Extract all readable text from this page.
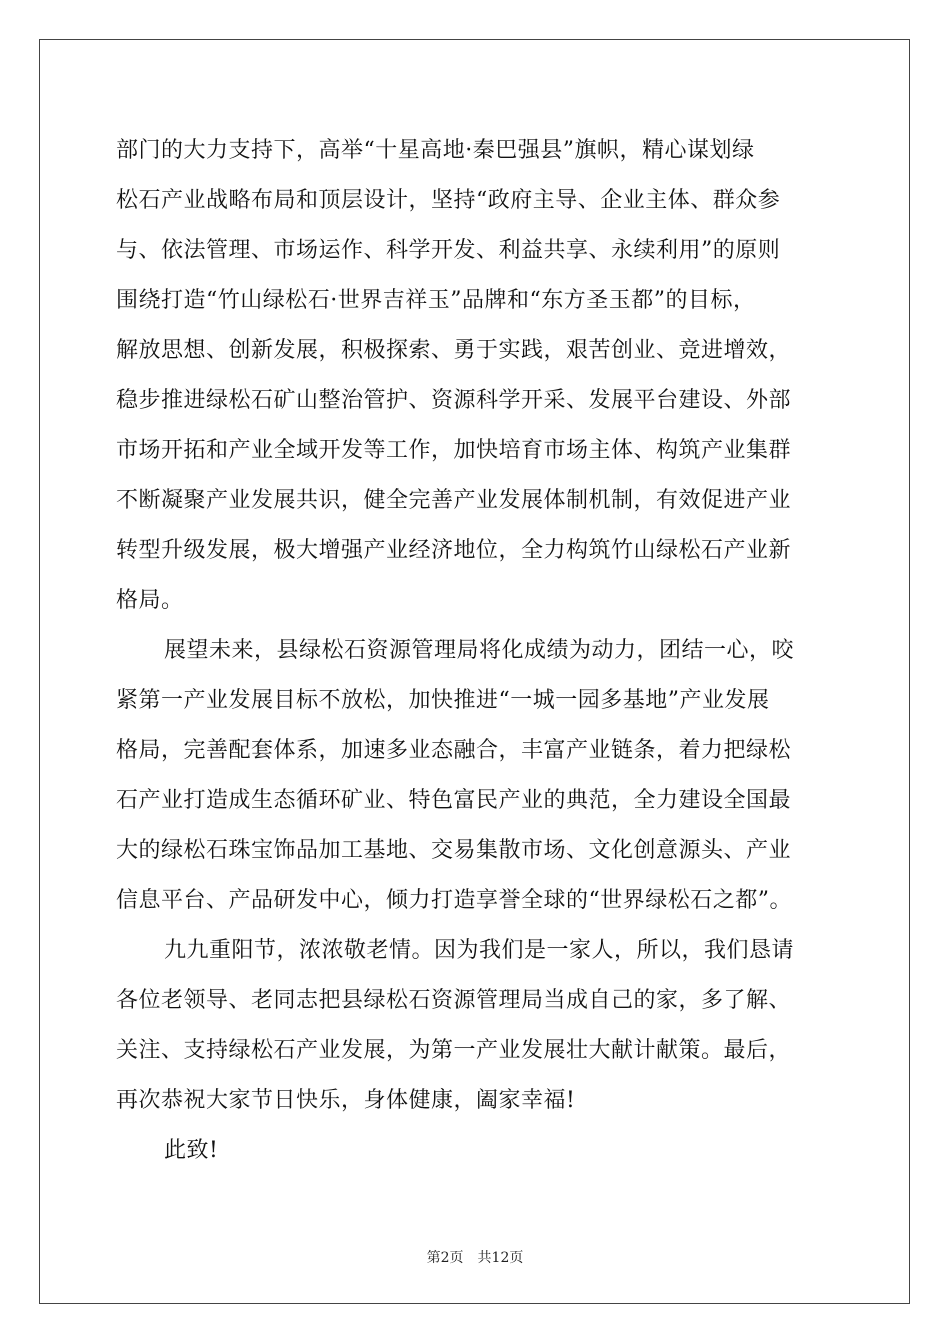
部门的大力支持下，高举“十星高地·秦巴强县”旗帜，精心谋划绿
松石产业战略布局和顶层设计，坚持“政府主导、企业主体、群众参
与、依法管理、市场运作、科学开发、利益共享、永续利用”的原则
围绕打造“竹山绿松石·世界吉祥玉”品牌和“东方圣玉都”的目标，
解放思想、创新发展，积极探索、勇于实践，艰苦创业、竞进增效，
稳步推进绿松石矿山整治管护、资源科学开采、发展平台建设、外部
市场开拓和产业全域开发等工作，加快培育市场主体、构筑产业集群
不断凝聚产业发展共识，健全完善产业发展体制机制，有效促进产业
转型升级发展，极大增强产业经济地位，全力构筑竹山绿松石产业新
格局。

展望未来，县绿松石资源管理局将化成绩为动力，团结一心，咬
紧第一产业发展目标不放松，加快推进“一城一园多基地”产业发展
格局，完善配套体系，加速多业态融合，丰富产业链条，着力把绿松
石产业打造成生态循环矿业、特色富民产业的典范，全力建设全国最
大的绿松石珠宝饰品加工基地、交易集散市场、文化创意源头、产业
信息平台、产品研发中心，倾力打造享誉全球的“世界绿松石之都”。

九九重阳节，浓浓敬老情。因为我们是一家人，所以，我们恳请
各位老领导、老同志把县绿松石资源管理局当成自己的家，多了解、
关注、支持绿松石产业发展，为第一产业发展壮大献计献策。最后，
再次恭祝大家节日快乐，身体健康，阖家幸福!

此致!

第2页 共12页
